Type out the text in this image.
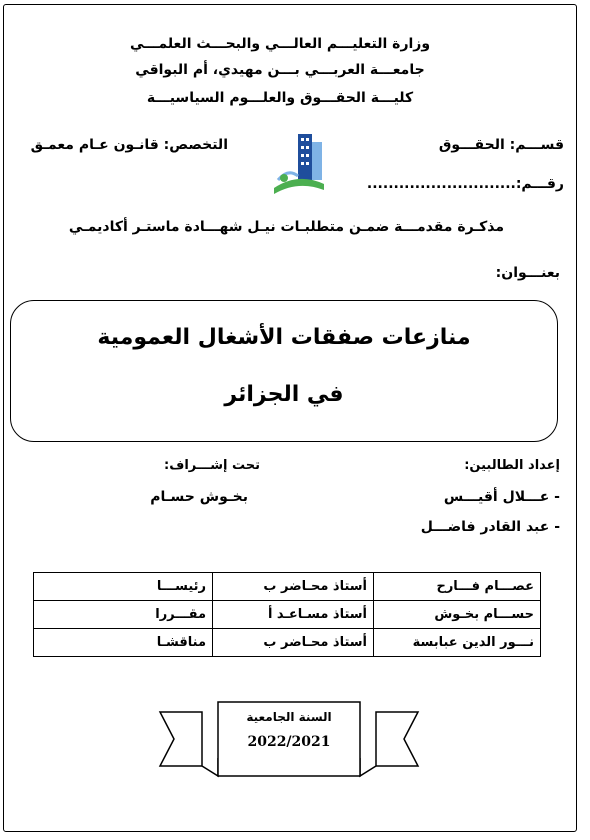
وزارة التعليـــم العالـــي والبحـــث العلمـــي
جامعـــة العربـــي بـــن مهيدي، أم البواقي
كليـــة الحقـــوق والعلـــوم السياسيـــة
قســـم: الحقـــوق
التخصص: قانـون عـام معمـق
رقـــم:............................
مذكـرة مقدمـــة ضمـن متطلبـات نيـل شهـــادة ماستـر أكاديمـي
بعنـــوان:
منازعات صفقات الأشغال العمومية
في الجزائر
إعداد الطالبين:
تحت إشـــراف:
- عـــلال أقيـــس
- عبد القادر فاضـــل
بخـوش حسـام
عصـــام فـــارح	أستاذ محـاضر ب	رئيســـا
حســـام بخـوش	أستاذ مسـاعـد أ	مقـــررا
نـــور الدين عبابسة	أستاذ محـاضر ب	مناقشـا
السنة الجامعية
2022/2021
